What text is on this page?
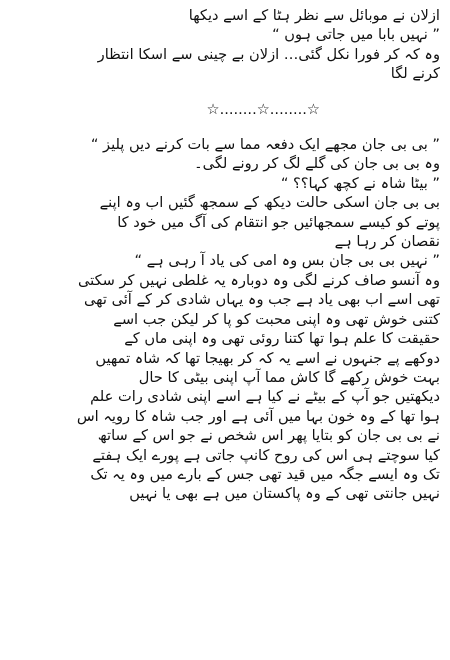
ازلان نے موبائل سے نظر ہٹا کے اسے دیکھا
” نہیں بابا میں جاتی ہوں “
وہ کہ کر فورا نکل گئی… ازلان بے چینی سے اسکا انتظار
کرنے لگا
☆........☆........☆
” بی بی جان مجھے ایک دفعہ مما سے بات کرنے دیں پلیز “
وہ بی بی جان کی گلے لگ کر رونے لگی۔
” بیٹا شاہ نے کچھ کہا؟؟ “
بی بی جان اسکی حالت دیکھ کے سمجھ گئیں اب وہ اپنے
پوتے کو کیسے سمجھائیں جو انتقام کی آگ میں خود کا
نقصان کر رہا ہے
” نہیں بی بی جان بس وہ امی کی یاد آ رہی ہے “
وہ آنسو صاف کرنے لگی وہ دوبارہ یہ غلطی نہیں کر سکتی
تھی اسے اب بھی یاد ہے جب وہ یہاں شادی کر کے آئی تھی
کتنی خوش تھی وہ اپنی محبت کو پا کر لیکن جب اسے
حقیقت کا علم ہوا تھا کتنا روئی تھی وہ اپنی ماں کے
دوکھے پے جنہوں نے اسے یہ کہ کر بھیجا تھا کہ شاہ تمھیں
بہت خوش رکھے گا کاش مما آپ اپنی بیٹی کا حال
دیکھتیں جو آپ کے بیٹے نے کیا ہے اسے اپنی شادی رات علم
ہوا تھا کے وہ خون بہا میں آئی ہے اور جب شاہ کا رویہ اس
نے بی بی جان کو بتایا پھر اس شخص نے جو اس کے ساتھ
کیا سوچتے ہی اس کی روح کانپ جاتی ہے پورے ایک ہفتے
تک وہ ایسے جگہ میں قید تھی جس کے بارے میں وہ یہ تک
نہیں جانتی تھی کے وہ پاکستان میں ہے بھی یا نہیں
